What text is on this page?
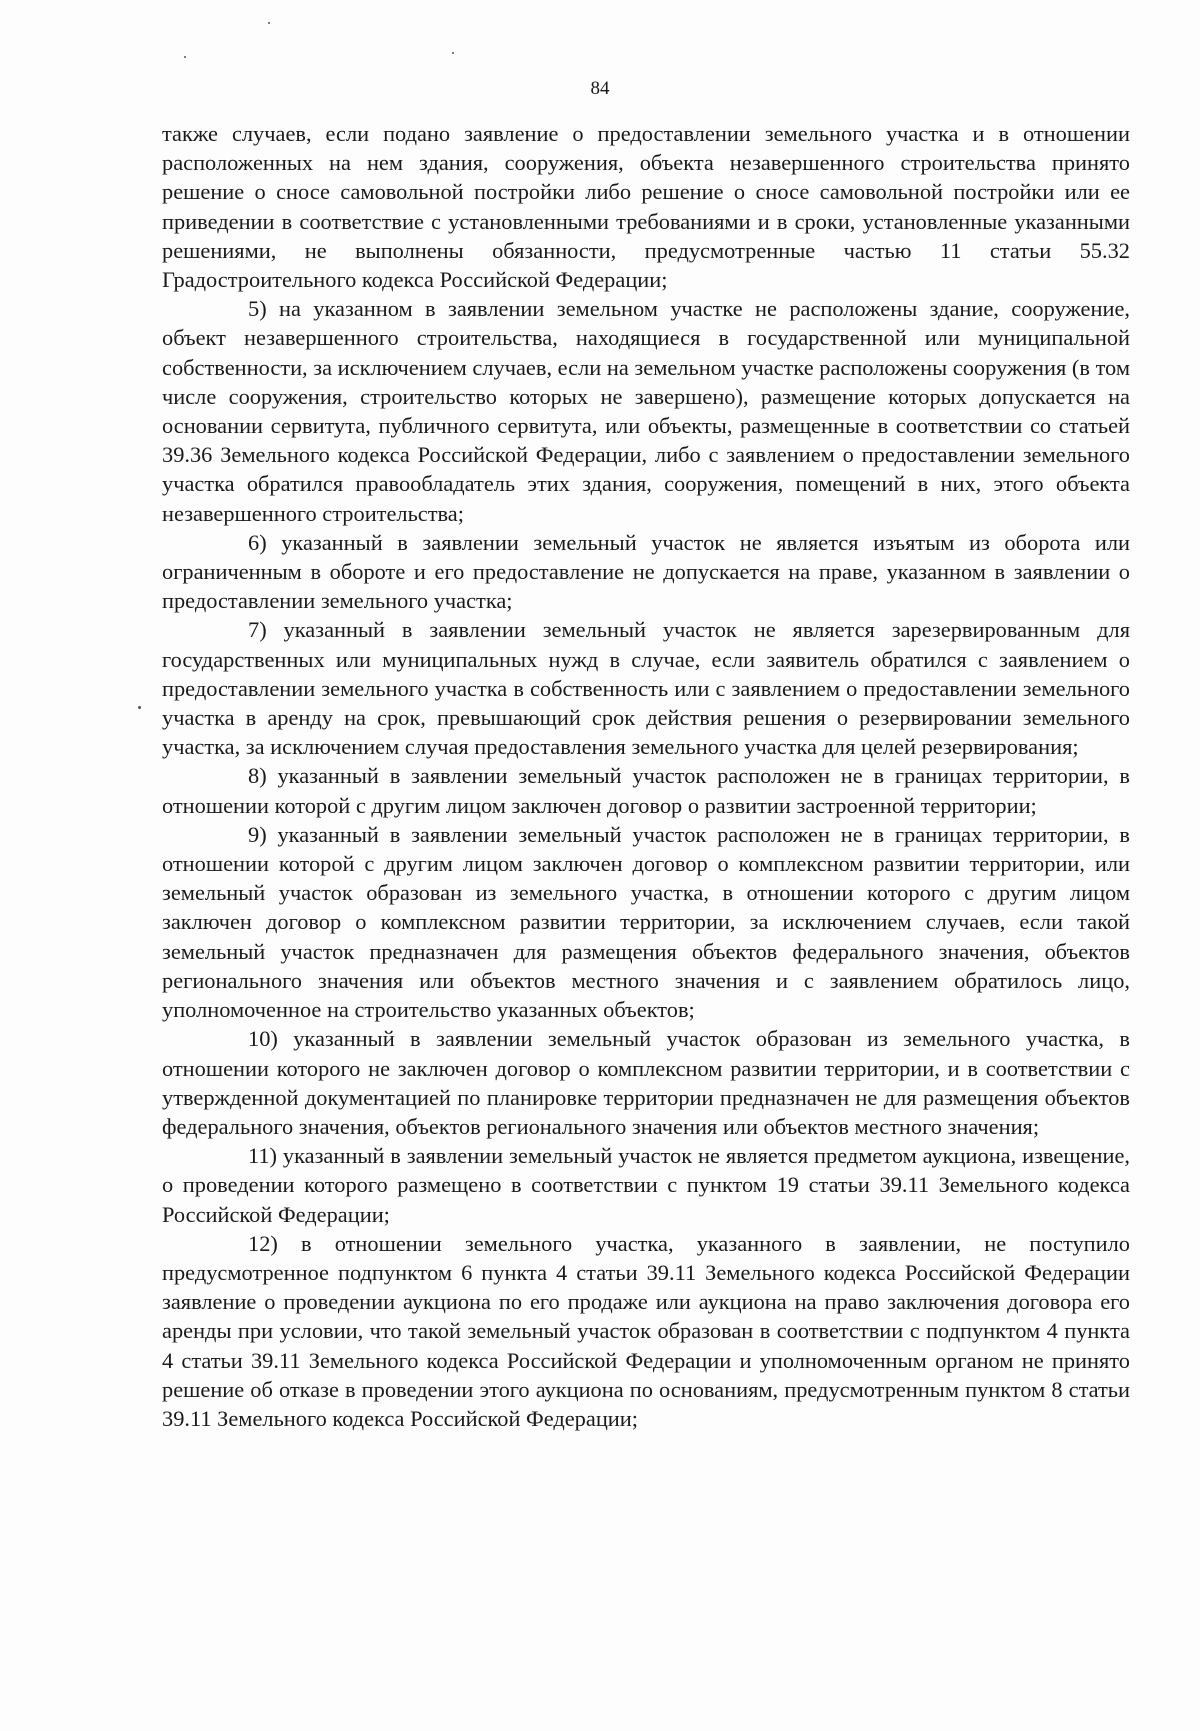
84

также случаев, если подано заявление о предоставлении земельного участка и в отношении расположенных на нем здания, сооружения, объекта незавершенного строительства принято решение о сносе самовольной постройки либо решение о сносе самовольной постройки или ее приведении в соответствие с установленными требованиями и в сроки, установленные указанными решениями, не выполнены обязанности, предусмотренные частью 11 статьи 55.32 Градостроительного кодекса Российской Федерации;

5) на указанном в заявлении земельном участке не расположены здание, сооружение, объект незавершенного строительства, находящиеся в государственной или муниципальной собственности, за исключением случаев, если на земельном участке расположены сооружения (в том числе сооружения, строительство которых не завершено), размещение которых допускается на основании сервитута, публичного сервитута, или объекты, размещенные в соответствии со статьей 39.36 Земельного кодекса Российской Федерации, либо с заявлением о предоставлении земельного участка обратился правообладатель этих здания, сооружения, помещений в них, этого объекта незавершенного строительства;

6) указанный в заявлении земельный участок не является изъятым из оборота или ограниченным в обороте и его предоставление не допускается на праве, указанном в заявлении о предоставлении земельного участка;

7) указанный в заявлении земельный участок не является зарезервированным для государственных или муниципальных нужд в случае, если заявитель обратился с заявлением о предоставлении земельного участка в собственность или с заявлением о предоставлении земельного участка в аренду на срок, превышающий срок действия решения о резервировании земельного участка, за исключением случая предоставления земельного участка для целей резервирования;

8) указанный в заявлении земельный участок расположен не в границах территории, в отношении которой с другим лицом заключен договор о развитии застроенной территории;

9) указанный в заявлении земельный участок расположен не в границах территории, в отношении которой с другим лицом заключен договор о комплексном развитии территории, или земельный участок образован из земельного участка, в отношении которого с другим лицом заключен договор о комплексном развитии территории, за исключением случаев, если такой земельный участок предназначен для размещения объектов федерального значения, объектов регионального значения или объектов местного значения и с заявлением обратилось лицо, уполномоченное на строительство указанных объектов;

10) указанный в заявлении земельный участок образован из земельного участка, в отношении которого не заключен договор о комплексном развитии территории, и в соответствии с утвержденной документацией по планировке территории предназначен не для размещения объектов федерального значения, объектов регионального значения или объектов местного значения;

11) указанный в заявлении земельный участок не является предметом аукциона, извещение, о проведении которого размещено в соответствии с пунктом 19 статьи 39.11 Земельного кодекса Российской Федерации;

12) в отношении земельного участка, указанного в заявлении, не поступило предусмотренное подпунктом 6 пункта 4 статьи 39.11 Земельного кодекса Российской Федерации заявление о проведении аукциона по его продаже или аукциона на право заключения договора его аренды при условии, что такой земельный участок образован в соответствии с подпунктом 4 пункта 4 статьи 39.11 Земельного кодекса Российской Федерации и уполномоченным органом не принято решение об отказе в проведении этого аукциона по основаниям, предусмотренным пунктом 8 статьи 39.11 Земельного кодекса Российской Федерации;
